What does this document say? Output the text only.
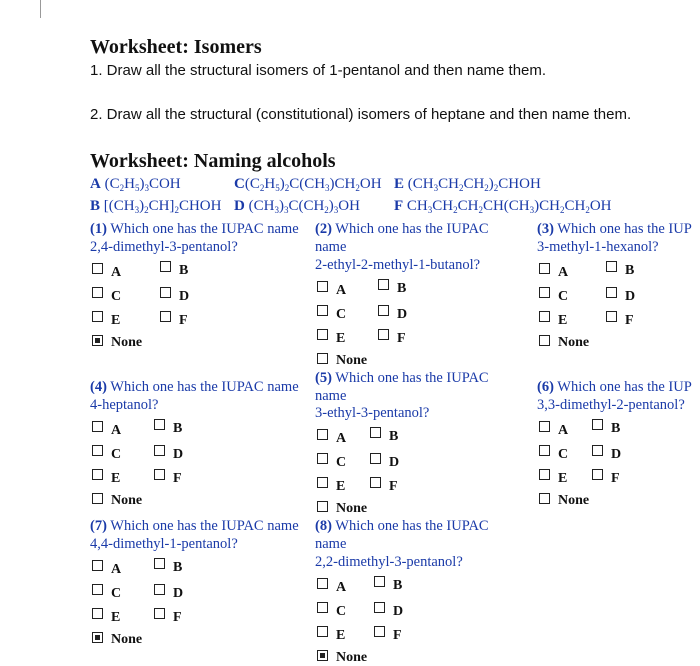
Worksheet: Isomers
1. Draw all the structural isomers of 1-pentanol and then name them.
2. Draw all the structural (constitutional) isomers of heptane and then name them.
Worksheet: Naming alcohols
A $(C_2H_5)_3COH$	$C(C_2H_5)_2C(CH_3)CH_2OH$ E $(CH_3CH_2CH_2)_2CHOH$
B $[(CH_3)_2CH]_2CHOH$ D $(CH_3)_3C(CH_2)_3OH$ F $CH_3CH_2CH_2CH(CH_3)CH_2CH_2OH$
(1) Which one has the IUPAC name
2,4-dimethyl-3-pentanol?
(2) Which one has the IUPAC
name
2-ethyl-2-methyl-1-butanol?
(3) Which one has the IUP
3-methyl-1-hexanol?
(4) Which one has the IUPAC name
4-heptanol?
(5) Which one has the IUPAC
name
3-ethyl-3-pentanol?
(6) Which one has the IUP
3,3-dimethyl-2-pentanol?
(7) Which one has the IUPAC name
4,4-dimethyl-1-pentanol?
(8) Which one has the IUPAC
name
2,2-dimethyl-3-pentanol?
A	B
C	D
E	F
None
A	B
C	D
E	F
None
A	B
C	D
E	F
None
A	B
C	D
E	F
None
A	B
C	D
E	F
None
A	B
C	D
E	F
None
A	B
C	D
E	F
None
A	B
C	D
E	F
None
